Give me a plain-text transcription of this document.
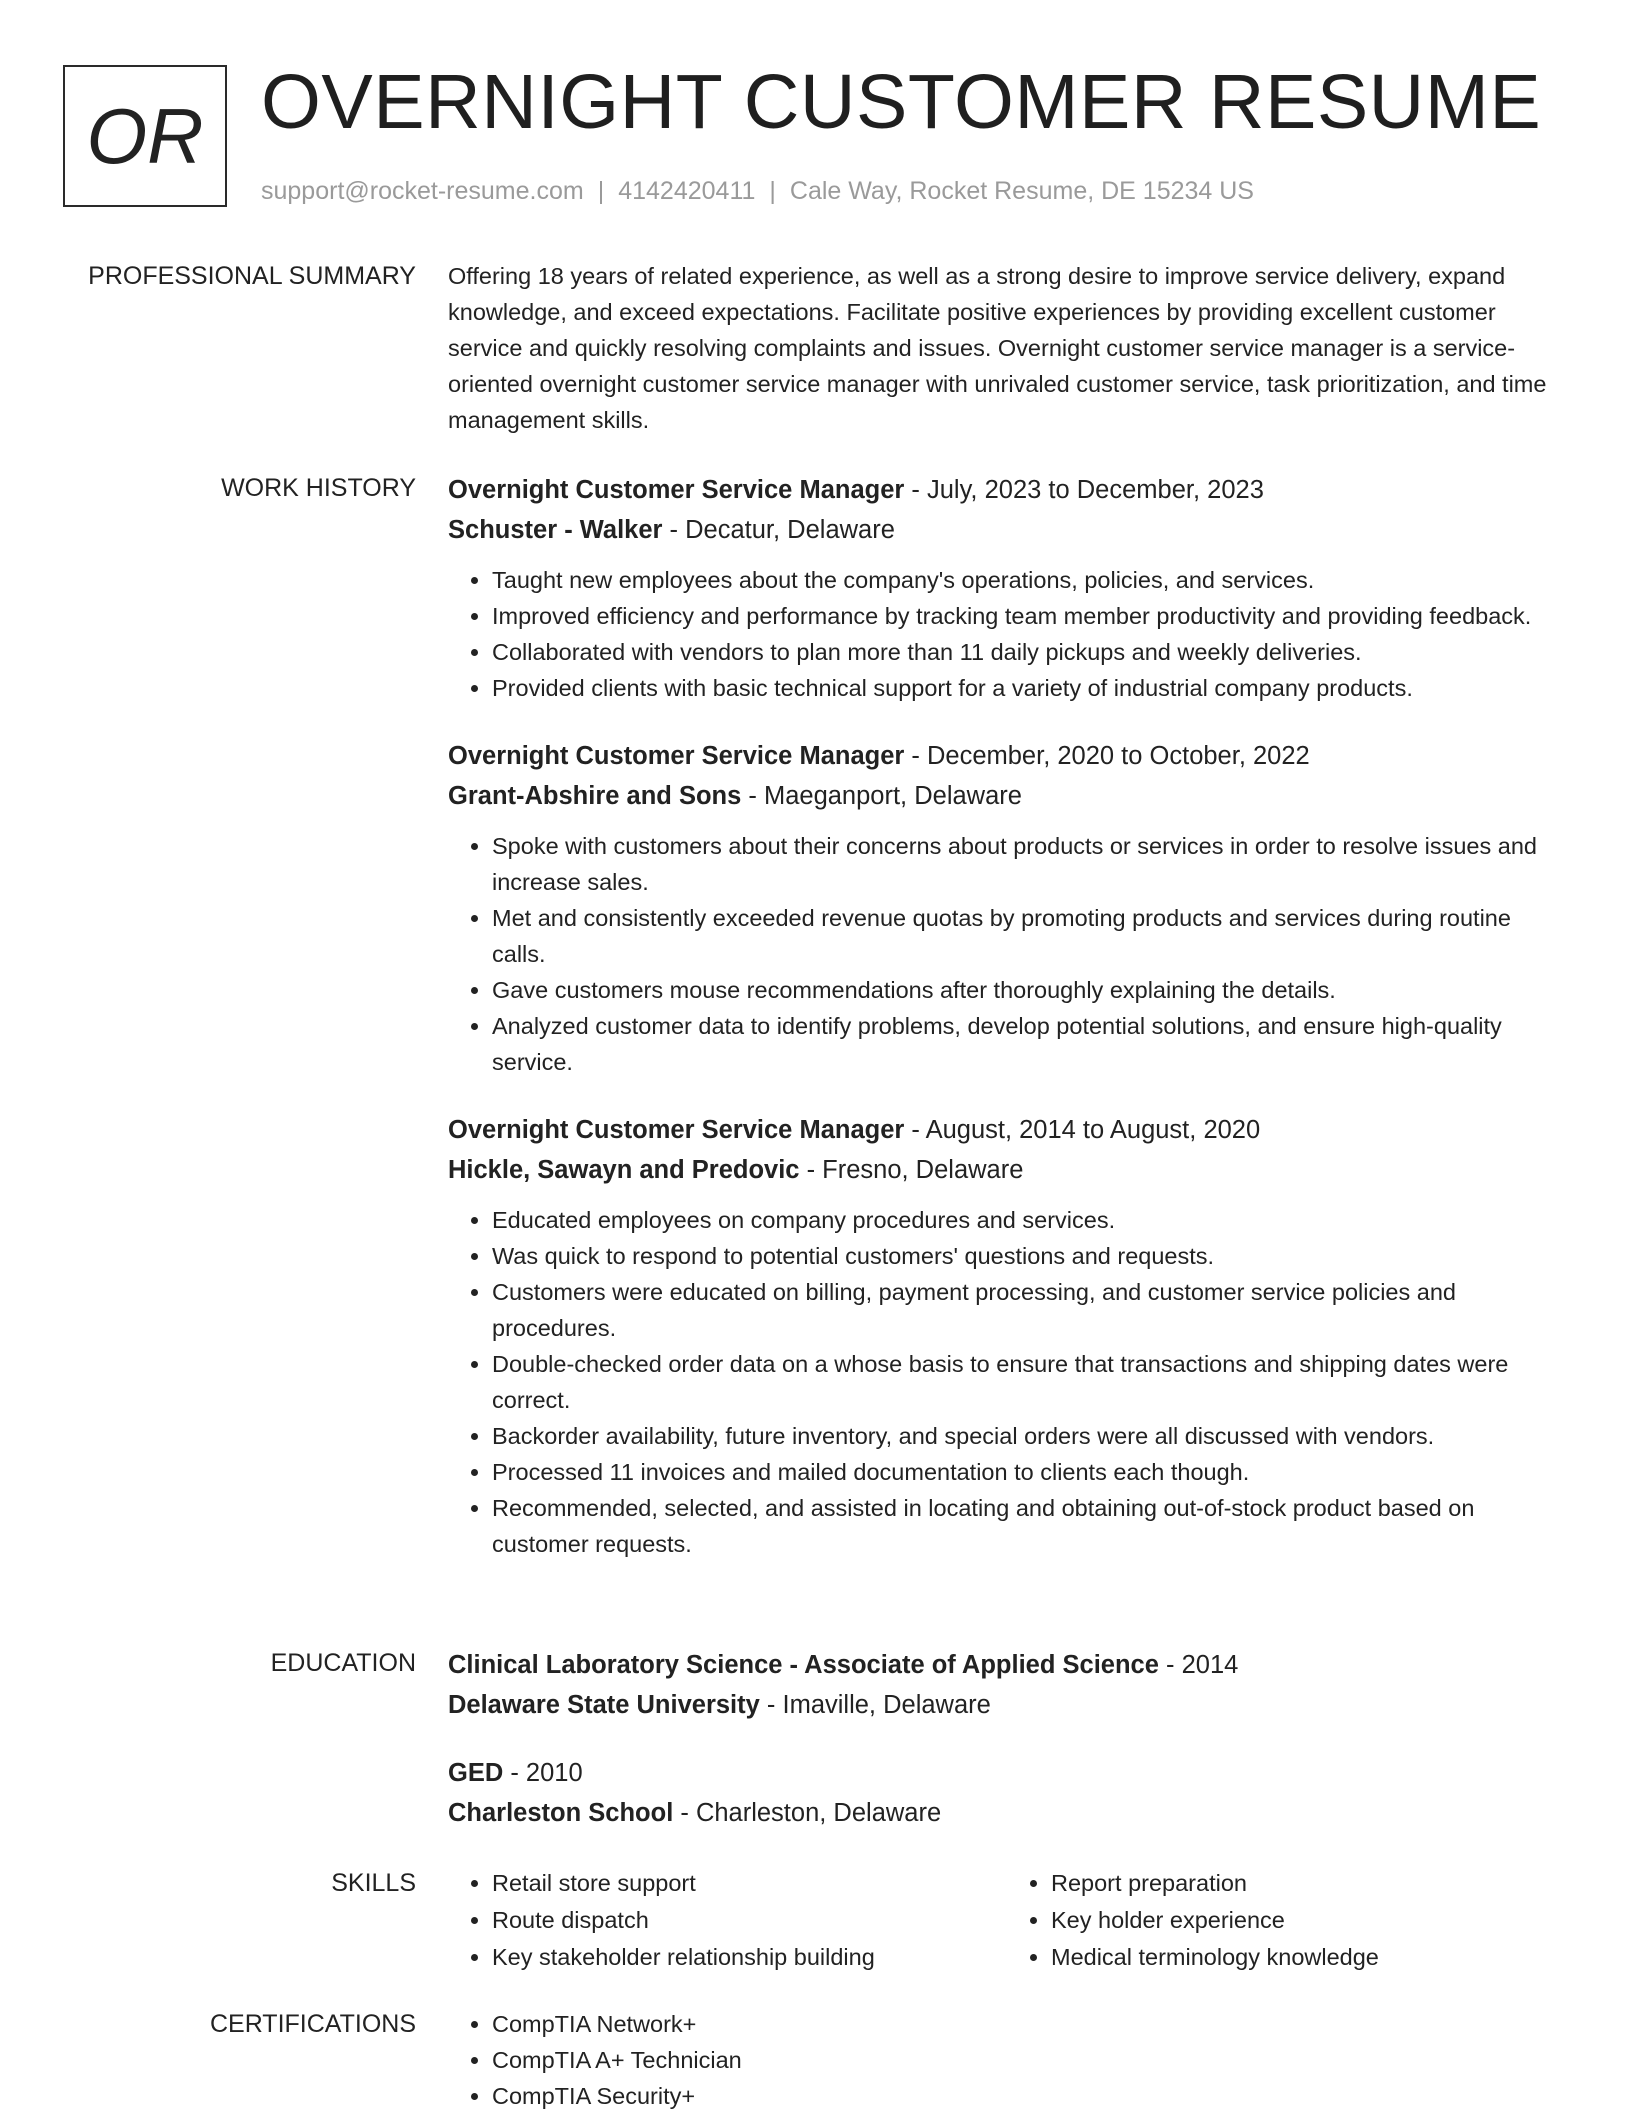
OR OVERNIGHT CUSTOMER RESUME
support@rocket-resume.com | 4142420411 | Cale Way, Rocket Resume, DE 15234 US
PROFESSIONAL SUMMARY Offering 18 years of related experience, as well as a strong desire to improve service delivery, expand knowledge, and exceed expectations. Facilitate positive experiences by providing excellent customer service and quickly resolving complaints and issues. Overnight customer service manager is a service-oriented overnight customer service manager with unrivaled customer service, task prioritization, and time management skills.

WORK HISTORY Overnight Customer Service Manager - July, 2023 to December, 2023
Schuster - Walker - Decatur, Delaware
• Taught new employees about the company's operations, policies, and services.
• Improved efficiency and performance by tracking team member productivity and providing feedback.
• Collaborated with vendors to plan more than 11 daily pickups and weekly deliveries.
• Provided clients with basic technical support for a variety of industrial company products.
Overnight Customer Service Manager - December, 2020 to October, 2022
Grant-Abshire and Sons - Maeganport, Delaware
• Spoke with customers about their concerns about products or services in order to resolve issues and increase sales.
• Met and consistently exceeded revenue quotas by promoting products and services during routine calls.
• Gave customers mouse recommendations after thoroughly explaining the details.
• Analyzed customer data to identify problems, develop potential solutions, and ensure high-quality service.
Overnight Customer Service Manager - August, 2014 to August, 2020
Hickle, Sawayn and Predovic - Fresno, Delaware
• Educated employees on company procedures and services.
• Was quick to respond to potential customers' questions and requests.
• Customers were educated on billing, payment processing, and customer service policies and procedures.
• Double-checked order data on a whose basis to ensure that transactions and shipping dates were correct.
• Backorder availability, future inventory, and special orders were all discussed with vendors.
• Processed 11 invoices and mailed documentation to clients each though.
• Recommended, selected, and assisted in locating and obtaining out-of-stock product based on customer requests.
EDUCATION Clinical Laboratory Science - Associate of Applied Science - 2014
Delaware State University - Imaville, Delaware
GED - 2010
Charleston School - Charleston, Delaware
SKILLS	• Retail store support
• Route dispatch
• Key stakeholder relationship building
• Report preparation
• Key holder experience
• Medical terminology knowledge
CERTIFICATIONS	• CompTIA Network+
• CompTIA A+ Technician
• CompTIA Security+
